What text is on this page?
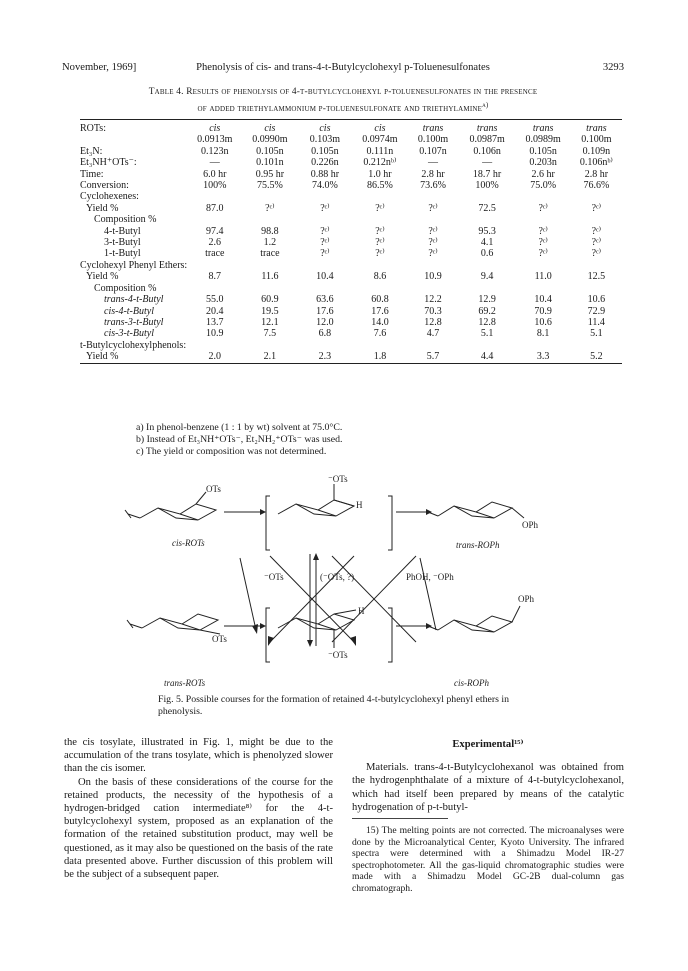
November, 1969]	Phenolysis of cis- and trans-4-t-Butylcyclohexyl p-Toluenesulfonates	3293
Table 4. Results of phenolysis of 4-t-butylcyclohexyl p-toluenesulfonates in the presence
of added triethylammonium p-toluenesulfonate and triethylamine$^{a)}$
ROTs:	cis	cis	cis	cis	trans	trans	trans	trans
	0.0913m	0.0990m	0.103m	0.0974m	0.100m	0.0987m	0.0989m	0.100m
Et₃N:	0.123n	0.105n	0.105n	0.111n	0.107n	0.106n	0.105n	0.109n
Et₃NH⁺OTs⁻:	—	0.101n	0.226n	0.212nᵇ⁾	—	—	0.203n	0.106nᵇ⁾
Time:	6.0 hr	0.95 hr	0.88 hr	1.0 hr	2.8 hr	18.7 hr	2.6 hr	2.8 hr
Conversion:	100%	75.5%	74.0%	86.5%	73.6%	100%	75.0%	76.6%
Cyclohexenes:								
Yield %	87.0	?ᶜ⁾	?ᶜ⁾	?ᶜ⁾	?ᶜ⁾	72.5	?ᶜ⁾	?ᶜ⁾
Composition %								
4-t-Butyl	97.4	98.8	?ᶜ⁾	?ᶜ⁾	?ᶜ⁾	95.3	?ᶜ⁾	?ᶜ⁾
3-t-Butyl	2.6	1.2	?ᶜ⁾	?ᶜ⁾	?ᶜ⁾	4.1	?ᶜ⁾	?ᶜ⁾
1-t-Butyl	trace	trace	?ᶜ⁾	?ᶜ⁾	?ᶜ⁾	0.6	?ᶜ⁾	?ᶜ⁾
Cyclohexyl Phenyl Ethers:								
Yield %	8.7	11.6	10.4	8.6	10.9	9.4	11.0	12.5
Composition %								
trans-4-t-Butyl	55.0	60.9	63.6	60.8	12.2	12.9	10.4	10.6
cis-4-t-Butyl	20.4	19.5	17.6	17.6	70.3	69.2	70.9	72.9
trans-3-t-Butyl	13.7	12.1	12.0	14.0	12.8	12.8	10.6	11.4
cis-3-t-Butyl	10.9	7.5	6.8	7.6	4.7	5.1	8.1	5.1
t-Butylcyclohexylphenols:								
Yield %	2.0	2.1	2.3	1.8	5.7	4.4	3.3	5.2
a) In phenol-benzene (1 : 1 by wt) solvent at 75.0°C.
b) Instead of Et₃NH⁺OTs⁻, Et₂NH₂⁺OTs⁻ was used.
c) The yield or composition was not determined.
OTs
cis-ROTs
⁻OTs
H
OPh
trans-ROPh
⁻OTs	(⁻OTs, ?)	PhOH, ⁻OPh
OTs
trans-ROTs
H
⁻OTs
OPh
cis-ROPh
Fig. 5. Possible courses for the formation of retained 4-t-butylcyclohexyl phenyl ethers in phenolysis.
the cis tosylate, illustrated in Fig. 1, might be due to the accumulation of the trans tosylate, which is phenolyzed slower than the cis isomer.
On the basis of these considerations of the course for the retained products, the necessity of the hypothesis of a hydrogen-bridged cation intermediate⁸⁾ for the 4-t-butylcyclohexyl system, proposed as an explanation of the formation of the retained substitution product, may well be questioned, as it may also be questioned on the basis of the rate data presented above. Further discussion of this problem will be the subject of a subsequent paper.
Experimental¹⁵⁾
Materials. trans-4-t-Butylcyclohexanol was obtained from the hydrogenphthalate of a mixture of 4-t-butylcyclohexanol, which had itself been prepared by means of the catalytic hydrogenation of p-t-butyl-
15) The melting points are not corrected. The microanalyses were done by the Microanalytical Center, Kyoto University. The infrared spectra were determined with a Shimadzu Model IR-27 spectrophotometer. All the gas-liquid chromatographic studies were made with a Shimadzu Model GC-2B dual-column gas chromatograph.
